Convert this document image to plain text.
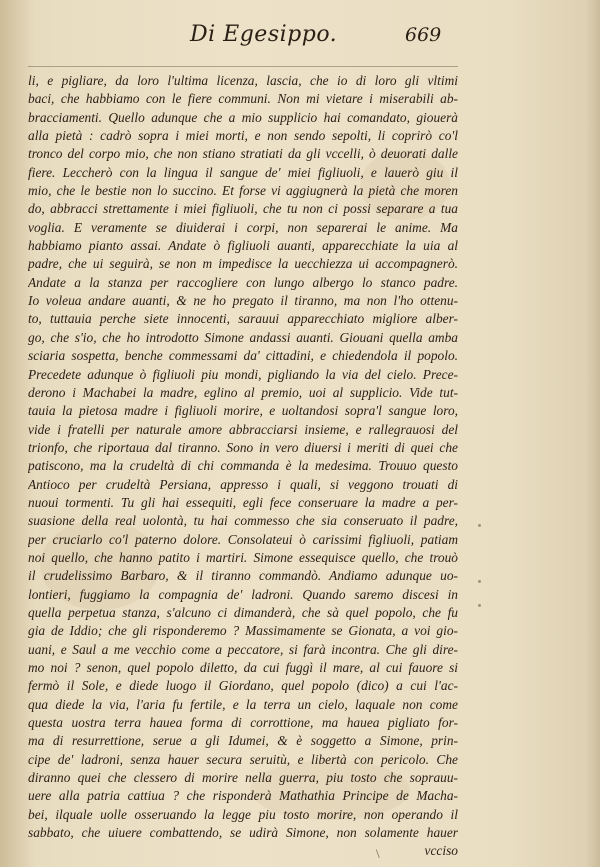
Di Egesippo.	669
li, e pigliare, da loro l'ultima licenza, lascia, che io di loro gli vltimi
baci, che habbiamo con le fiere communi. Non mi vietare i miserabili ab-
bracciamenti. Quello adunque che a mio supplicio hai comandato, giouerà
alla pietà : cadrò sopra i miei morti, e non sendo sepolti, li coprirò co'l
tronco del corpo mio, che non stiano stratiati da gli vccelli, ò deuorati dalle
fiere. Leccherò con la lingua il sangue de' miei figliuoli, e lauerò giu il
mio, che le bestie non lo succino. Et forse vi aggiugnerà la pietà che moren
do, abbracci strettamente i miei figliuoli, che tu non ci possi separare a tua
voglia. E veramente se diuiderai i corpi, non separerai le anime. Ma
habbiamo pianto assai. Andate ò figliuoli auanti, apparecchiate la uia al
padre, che ui seguirà, se non m impedisce la uecchiezza ui accompagnerò.
Andate a la stanza per raccogliere con lungo albergo lo stanco padre.
Io voleua andare auanti, & ne ho pregato il tiranno, ma non l'ho ottenu-
to, tuttauia perche siete innocenti, sarauui apparecchiato migliore alber-
go, che s'io, che ho introdotto Simone andassi auanti. Giouani quella amba
sciaria sospetta, benche commessami da' cittadini, e chiedendola il popolo.
Precedete adunque ò figliuoli piu mondi, pigliando la via del cielo. Prece-
derono i Machabei la madre, eglino al premio, uoi al supplicio. Vide tut-
tauia la pietosa madre i figliuoli morire, e uoltandosi sopra'l sangue loro,
vide i fratelli per naturale amore abbracciarsi insieme, e rallegrauosi del
trionfo, che riportaua dal tiranno. Sono in vero diuersi i meriti di quei che
patiscono, ma la crudeltà di chi commanda è la medesima. Trouuo questo
Antioco per crudeltà Persiana, appresso i quali, si veggono trouati di
nuoui tormenti. Tu gli hai essequiti, egli fece conseruare la madre a per-
suasione della real uolontà, tu hai commesso che sia conseruato il padre,
per cruciarlo co'l paterno dolore. Consolateui ò carissimi figliuoli, patiam
noi quello, che hanno patito i martiri. Simone essequisce quello, che trouò
il crudelissimo Barbaro, & il tiranno commandò. Andiamo adunque uo-
lontieri, fuggiamo la compagnia de' ladroni. Quando saremo discesi in
quella perpetua stanza, s'alcuno ci dimanderà, che sà quel popolo, che fu
gia de Iddio; che gli risponderemo ? Massimamente se Gionata, a voi gio-
uani, e Saul a me vecchio come a peccatore, si farà incontra. Che gli dire-
mo noi ? senon, quel popolo diletto, da cui fuggì il mare, al cui fauore si
fermò il Sole, e diede luogo il Giordano, quel popolo (dico) a cui l'ac-
qua diede la via, l'aria fu fertile, e la terra un cielo, laquale non come
questa uostra terra hauea forma di corrottione, ma hauea pigliato for-
ma di resurrettione, serue a gli Idumei, & è soggetto a Simone, prin-
cipe de' ladroni, senza hauer secura seruitù, e libertà con pericolo. Che
diranno quei che clessero di morire nella guerra, piu tosto che soprauu-
uere alla patria cattiua ? che risponderà Mathathia Principe de Macha-
bei, ilquale uolle osseruando la legge piu tosto morire, non operando il
sabbato, che uiuere combattendo, se udirà Simone, non solamente hauer
vcciso
\
